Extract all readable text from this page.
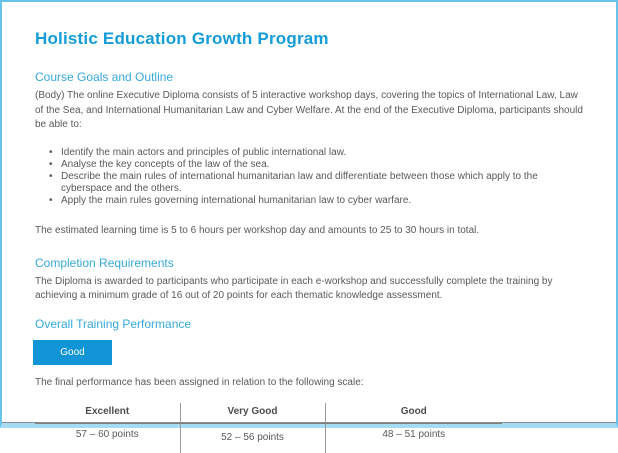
Holistic Education Growth Program
Course Goals and Outline

(Body) The online Executive Diploma consists of 5 interactive workshop days, covering the topics of International Law, Law of the Sea, and International Humanitarian Law and Cyber Welfare. At the end of the Executive Diploma, participants should be able to:

• Identify the main actors and principles of public international law.
• Analyse the key concepts of the law of the sea.
• Describe the main rules of international humanitarian law and differentiate between those which apply to the cyberspace and the others.
• Apply the main rules governing international humanitarian law to cyber warfare.

The estimated learning time is 5 to 6 hours per workshop day and amounts to 25 to 30 hours in total.

Completion Requirements

The Diploma is awarded to participants who participate in each e-workshop and successfully complete the training by achieving a minimum grade of 16 out of 20 points for each thematic knowledge assessment.

Overall Training Performance
Good

The final performance has been assigned in relation to the following scale:

Excellent	Very Good	Good
57 – 60 points	52 – 56 points	48 – 51 points
